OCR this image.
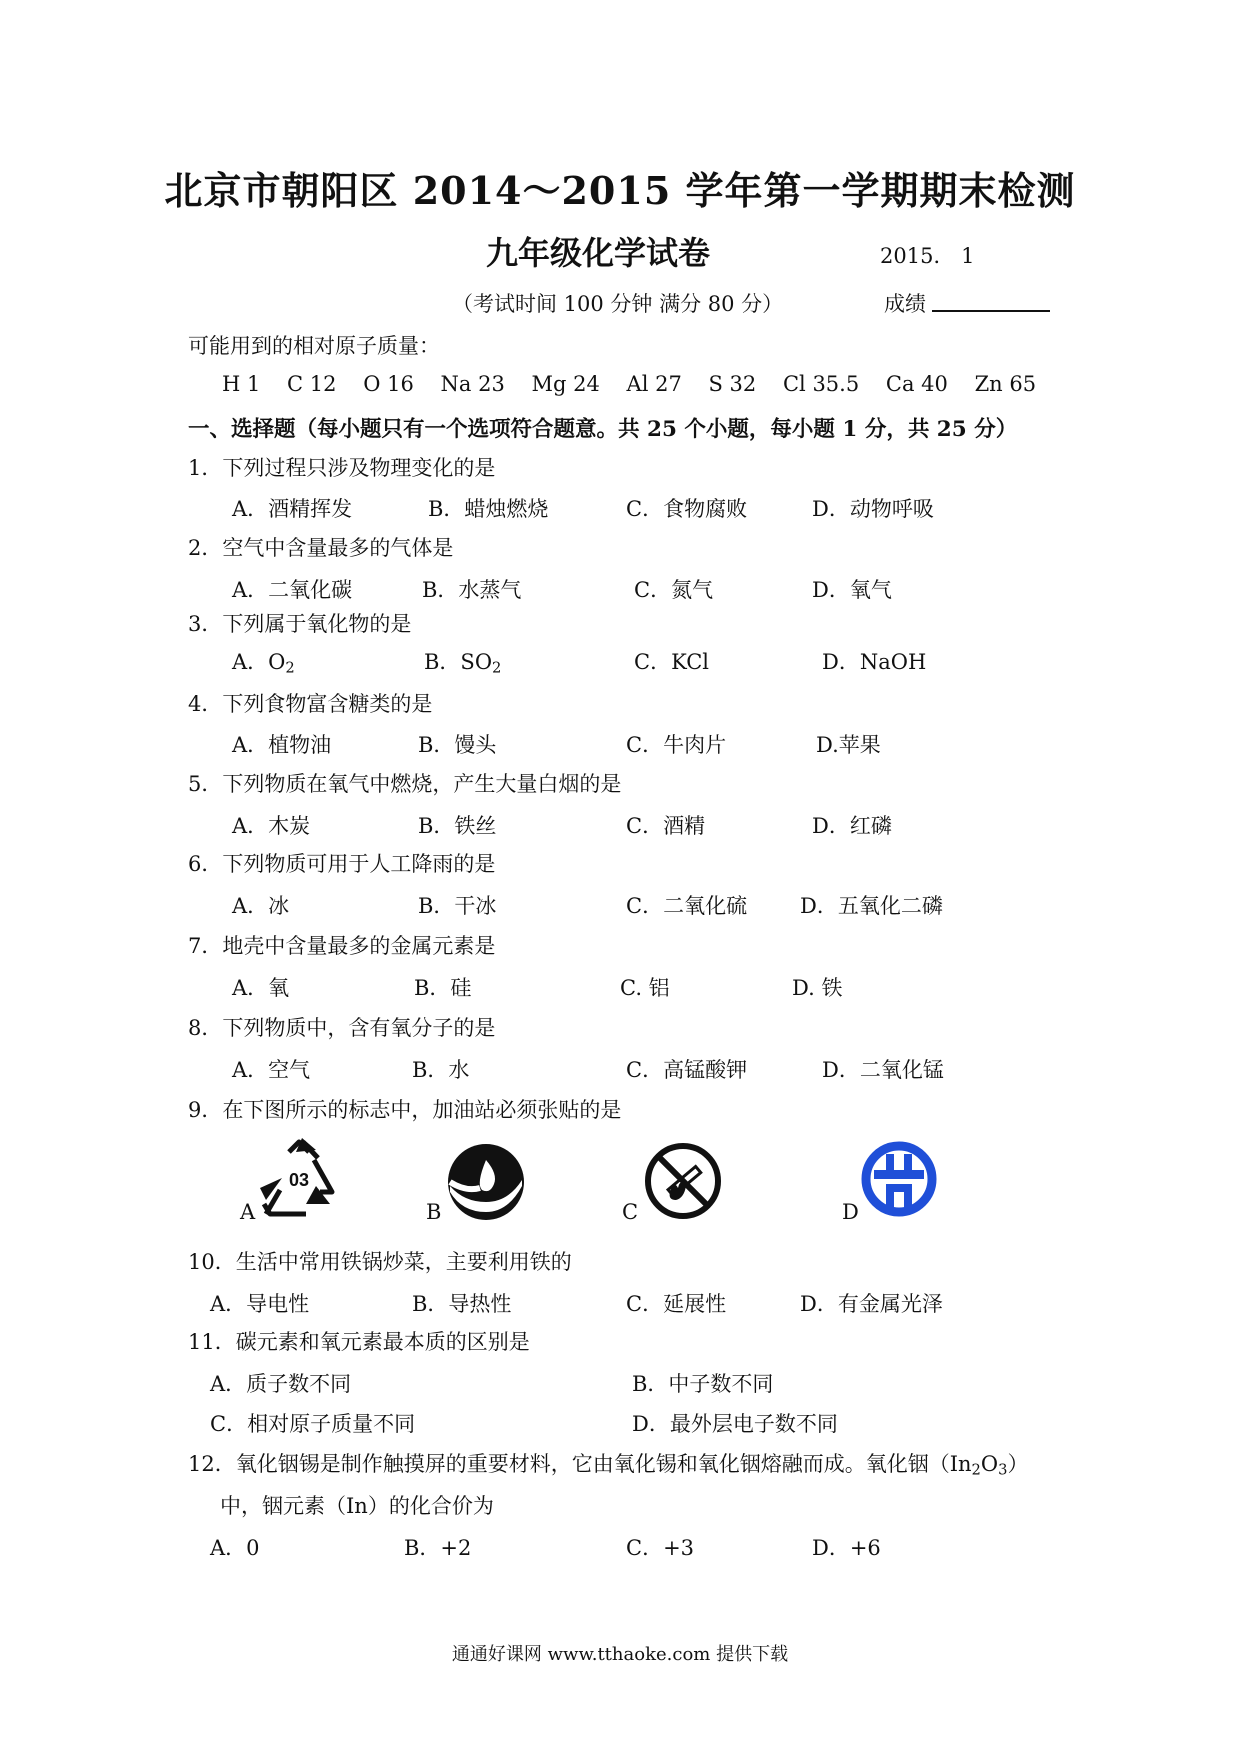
北京市朝阳区 2014～2015 学年第一学期期末检测
九年级化学试卷	2015． 1
（考试时间 100 分钟 满分 80 分）	成绩
可能用到的相对原子质量：
H 1 C 12 O 16 Na 23 Mg 24 Al 27 S 32 Cl 35.5 Ca 40 Zn 65
一、选择题（每小题只有一个选项符合题意。共 25 个小题，每小题 1 分，共 25 分）
1．下列过程只涉及物理变化的是
A．酒精挥发	B．蜡烛燃烧	C．食物腐败	D．动物呼吸
2．空气中含量最多的气体是
A．二氧化碳	B．水蒸气	C．氮气	D．氧气
3．下列属于氧化物的是
A．$O_2$	B．$SO_2$	C．KCl	D．NaOH
4．下列食物富含糖类的是
A．植物油	B．馒头	C．牛肉片	D.苹果
5．下列物质在氧气中燃烧，产生大量白烟的是
A．木炭	B．铁丝	C．酒精	D．红磷
6．下列物质可用于人工降雨的是
A．冰	B．干冰	C．二氧化硫	D．五氧化二磷
7．地壳中含量最多的金属元素是
A．氧	B．硅	C. 铝	D. 铁
8．下列物质中，含有氧分子的是
A．空气	B．水	C．高锰酸钾	D．二氧化锰
9．在下图所示的标志中，加油站必须张贴的是
03
A	B	C	D
10．生活中常用铁锅炒菜，主要利用铁的
A．导电性	B．导热性	C．延展性	D．有金属光泽
11．碳元素和氧元素最本质的区别是
A．质子数不同	B．中子数不同
C．相对原子质量不同	D．最外层电子数不同
12．氧化铟锡是制作触摸屏的重要材料，它由氧化锡和氧化铟熔融而成。氧化铟$(In_2O_3)$
中，铟元素（In）的化合价为
A．0	B．+2	C．+3	D．+6
通通好课网 www.tthaoke.com 提供下载
